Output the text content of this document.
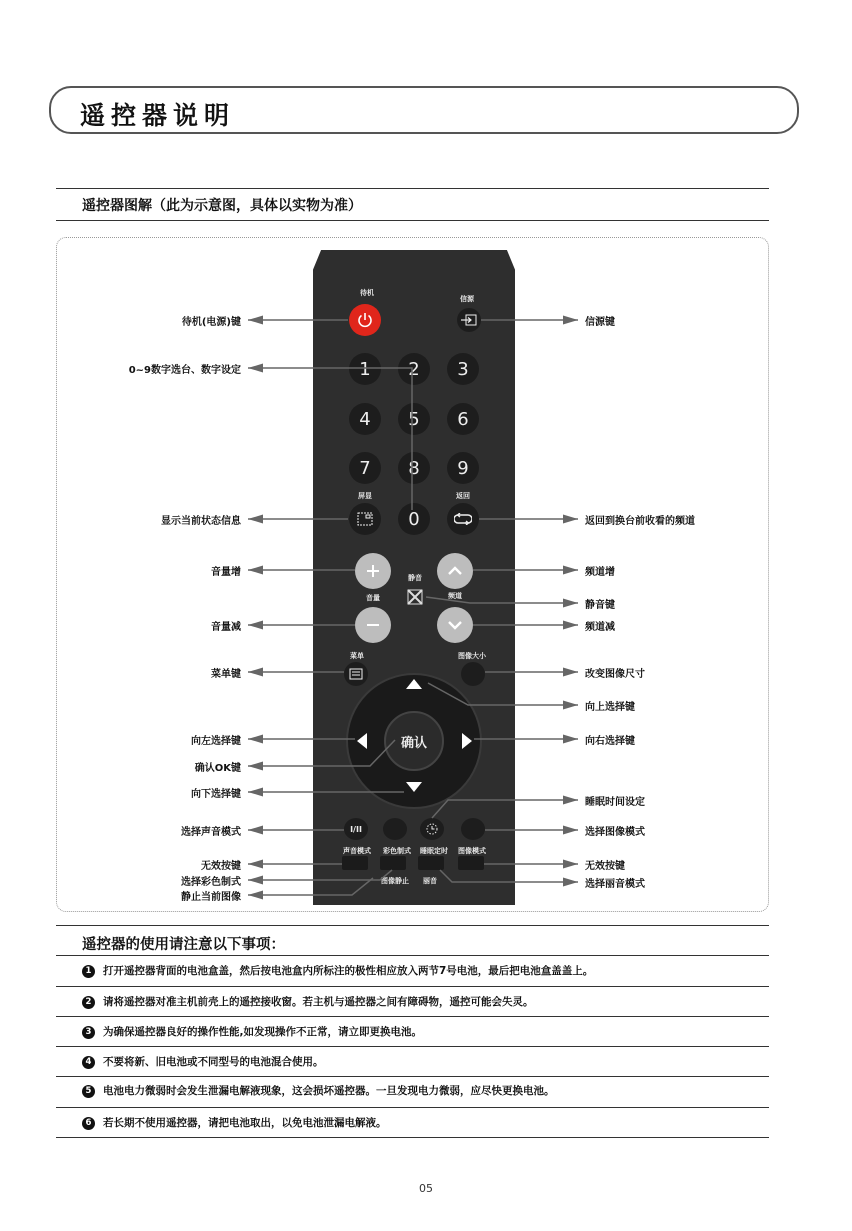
遥控器说明
遥控器图解（此为示意图，具体以实物为准）
待机
信源
1	2	3
4	5	6
7	8	9
屏显
0
返回
静音
音量	频道
菜单	图像大小
确认
I/II
声音模式	彩色制式	睡眠定时	图像模式
图像静止	丽音
待机(电源)键
0~9数字选台、数字设定
显示当前状态信息
音量增
音量减
菜单键
向左选择键
确认OK键
向下选择键
选择声音模式
无效按键
选择彩色制式
静止当前图像
信源键
返回到换台前收看的频道
频道增
静音键
频道减
改变图像尺寸
向上选择键
向右选择键
睡眠时间设定
选择图像模式
无效按键
选择丽音模式
遥控器的使用请注意以下事项：
1 打开遥控器背面的电池盒盖，然后按电池盒内所标注的极性相应放入两节7号电池，最后把电池盒盖盖上。
2 请将遥控器对准主机前壳上的遥控接收窗。若主机与遥控器之间有障碍物，遥控可能会失灵。
3 为确保遥控器良好的操作性能,如发现操作不正常，请立即更换电池。
4 不要将新、旧电池或不同型号的电池混合使用。
5 电池电力微弱时会发生泄漏电解液现象，这会损坏遥控器。一旦发现电力微弱，应尽快更换电池。
6 若长期不使用遥控器，请把电池取出，以免电池泄漏电解液。
05
